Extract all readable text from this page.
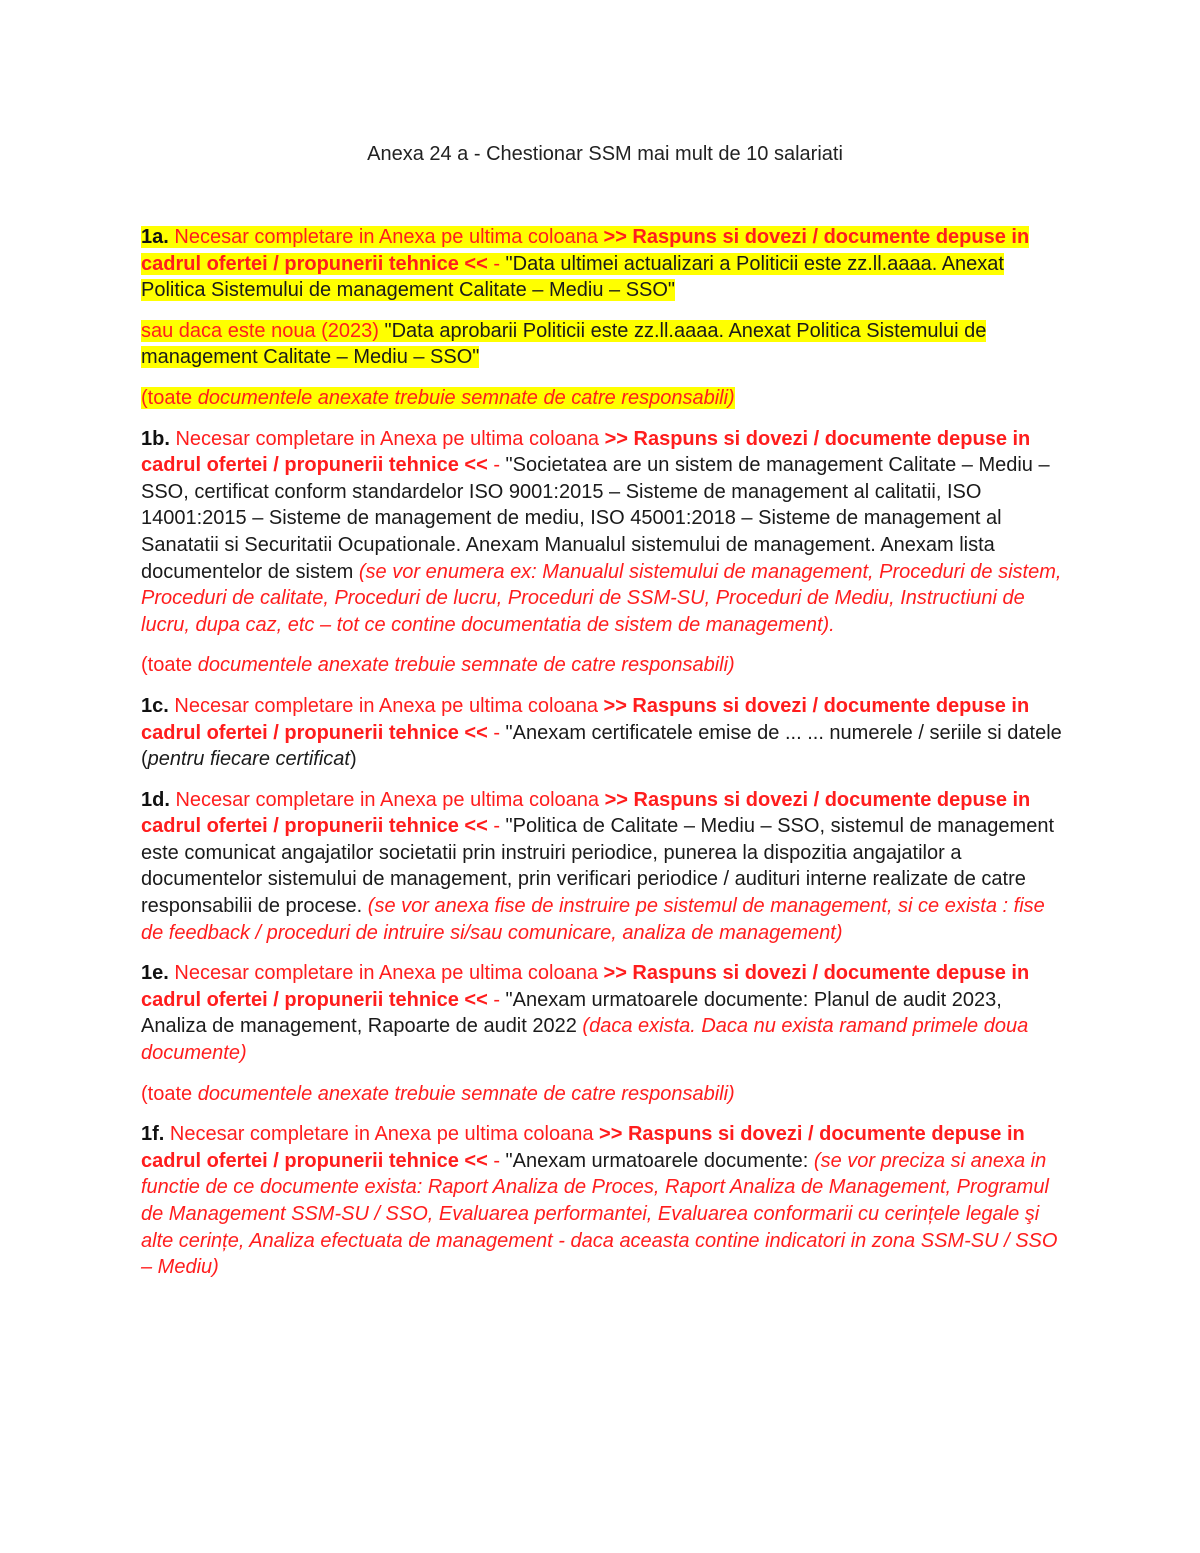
Anexa 24 a - Chestionar SSM mai mult de 10 salariati

1a. Necesar completare in Anexa pe ultima coloana >> Raspuns si dovezi / documente depuse in cadrul ofertei / propunerii tehnice << - "Data ultimei actualizari a Politicii este zz.ll.aaaa. Anexat Politica Sistemului de management Calitate – Mediu – SSO"

sau daca este noua (2023) "Data aprobarii Politicii este zz.ll.aaaa. Anexat Politica Sistemului de management Calitate – Mediu – SSO"

(toate documentele anexate trebuie semnate de catre responsabili)

1b. Necesar completare in Anexa pe ultima coloana >> Raspuns si dovezi / documente depuse in cadrul ofertei / propunerii tehnice << - "Societatea are un sistem de management Calitate – Mediu – SSO, certificat conform standardelor ISO 9001:2015 – Sisteme de management al calitatii, ISO 14001:2015 – Sisteme de management de mediu, ISO 45001:2018 – Sisteme de management al Sanatatii si Securitatii Ocupationale. Anexam Manualul sistemului de management. Anexam lista documentelor de sistem (se vor enumera ex: Manualul sistemului de management, Proceduri de sistem, Proceduri de calitate, Proceduri de lucru, Proceduri de SSM-SU, Proceduri de Mediu, Instructiuni de lucru, dupa caz, etc – tot ce contine documentatia de sistem de management).

(toate documentele anexate trebuie semnate de catre responsabili)

1c. Necesar completare in Anexa pe ultima coloana >> Raspuns si dovezi / documente depuse in cadrul ofertei / propunerii tehnice << - "Anexam certificatele emise de ... ... numerele / seriile si datele (pentru fiecare certificat)

1d. Necesar completare in Anexa pe ultima coloana >> Raspuns si dovezi / documente depuse in cadrul ofertei / propunerii tehnice << - "Politica de Calitate – Mediu – SSO, sistemul de management este comunicat angajatilor societatii prin instruiri periodice, punerea la dispozitia angajatilor a documentelor sistemului de management, prin verificari periodice / audituri interne realizate de catre responsabilii de procese. (se vor anexa fise de instruire pe sistemul de management, si ce exista : fise de feedback / proceduri de intruire si/sau comunicare, analiza de management)

1e. Necesar completare in Anexa pe ultima coloana >> Raspuns si dovezi / documente depuse in cadrul ofertei / propunerii tehnice << - "Anexam urmatoarele documente: Planul de audit 2023, Analiza de management, Rapoarte de audit 2022 (daca exista. Daca nu exista ramand primele doua documente)

(toate documentele anexate trebuie semnate de catre responsabili)

1f. Necesar completare in Anexa pe ultima coloana >> Raspuns si dovezi / documente depuse in cadrul ofertei / propunerii tehnice << - "Anexam urmatoarele documente: (se vor preciza si anexa in functie de ce documente exista: Raport Analiza de Proces, Raport Analiza de Management, Programul de Management SSM-SU / SSO, Evaluarea performantei, Evaluarea conformarii cu cerințele legale şi alte cerințe, Analiza efectuata de management - daca aceasta contine indicatori in zona SSM-SU / SSO – Mediu)
